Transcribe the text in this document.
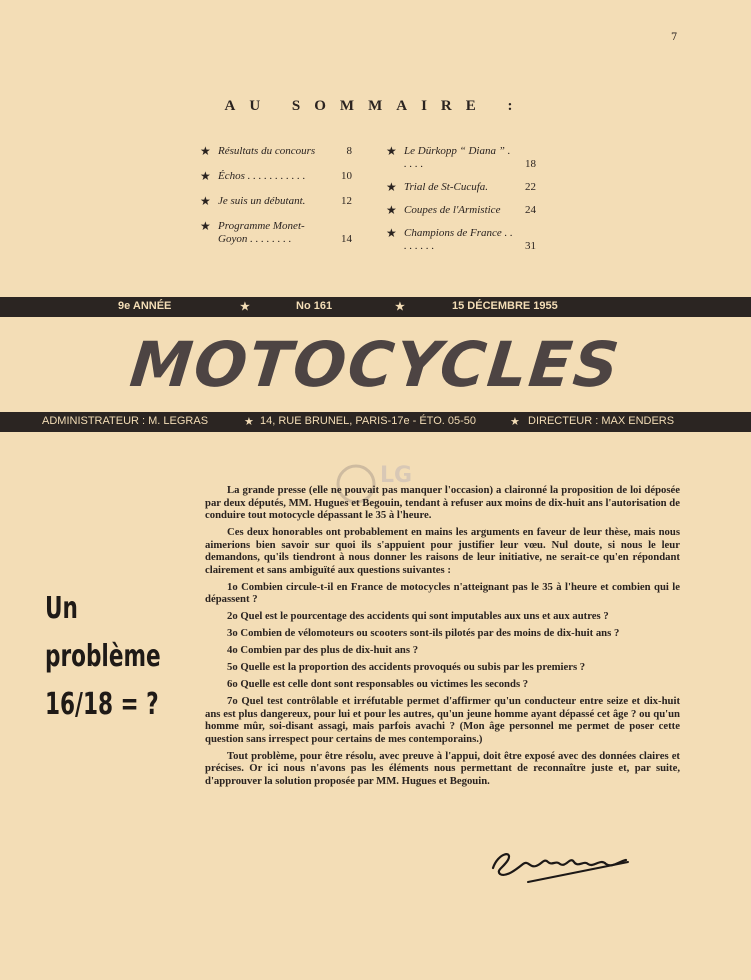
7
AU SOMMAIRE :
★ Résultats du concours	8
★ Échos . . . . . . . . . . .	10
★ Je suis un débutant.	12
★ Programme Monet-Goyon . . . . . . . .	14
★ Le Dürkopp “ Diana ” . . . . .	18
★ Trial de St-Cucufa.	22
★ Coupes de l'Armistice	24
★ Champions de France . . . . . . . .	31
9e ANNÉE	★	No 161	★	15 DÉCEMBRE 1955
MOTOCYCLES
ADMINISTRATEUR : M. LEGRAS	★ 14, RUE BRUNEL, PARIS-17e - ÉTO. 05-50	★ DIRECTEUR : MAX ENDERS
LG
Un
problème
16/18 = ?

La grande presse (elle ne pouvait pas manquer l'occasion) a claironné la proposition de loi déposée par deux députés, MM. Hugues et Begouin, tendant à refuser aux moins de dix-huit ans l'autorisation de conduire tout motocycle dépassant le 35 à l'heure.

Ces deux honorables ont probablement en mains les arguments en faveur de leur thèse, mais nous aimerions bien savoir sur quoi ils s'appuient pour justifier leur vœu. Nul doute, si nous le leur demandons, qu'ils tiendront à nous donner les raisons de leur initiative, ne serait-ce qu'en répondant clairement et sans ambiguïté aux questions suivantes :

1o Combien circule-t-il en France de motocycles n'atteignant pas le 35 à l'heure et combien qui le dépassent ?

2o Quel est le pourcentage des accidents qui sont imputables aux uns et aux autres ?

3o Combien de vélomoteurs ou scooters sont-ils pilotés par des moins de dix-huit ans ?

4o Combien par des plus de dix-huit ans ?

5o Quelle est la proportion des accidents provoqués ou subis par les premiers ?

6o Quelle est celle dont sont responsables ou victimes les seconds ?

7o Quel test contrôlable et irréfutable permet d'affirmer qu'un conducteur entre seize et dix-huit ans est plus dangereux, pour lui et pour les autres, qu'un jeune homme ayant dépassé cet âge ? ou qu'un homme mûr, soi-disant assagi, mais parfois avachi ? (Mon âge personnel me permet de poser cette question sans irrespect pour certains de mes contemporains.)

Tout problème, pour être résolu, avec preuve à l'appui, doit être exposé avec des données claires et précises. Or ici nous n'avons pas les éléments nous permettant de reconnaître juste et, par suite, d'approuver la solution proposée par MM. Hugues et Begouin.
